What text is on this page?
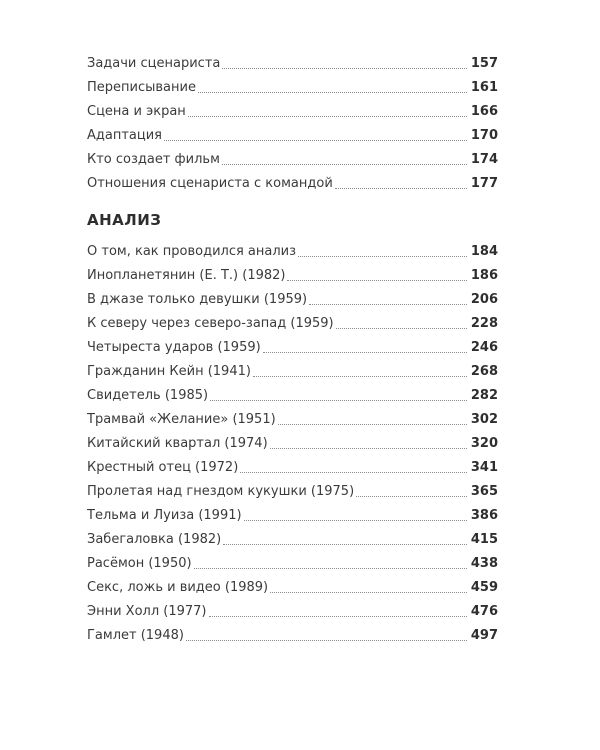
Задачи сценариста	157
Переписывание	161
Сцена и экран	166
Адаптация	170
Кто создает фильм	174
Отношения сценариста с командой	177
АНАЛИЗ
О том, как проводился анализ	184
Инопланетянин (Е. Т.) (1982)	186
В джазе только девушки (1959)	206
К северу через северо-запад (1959)	228
Четыреста ударов (1959)	246
Гражданин Кейн (1941)	268
Свидетель (1985)	282
Трамвай «Желание» (1951)	302
Китайский квартал (1974)	320
Крестный отец (1972)	341
Пролетая над гнездом кукушки (1975)	365
Тельма и Луиза (1991)	386
Забегаловка (1982)	415
Расёмон (1950)	438
Секс, ложь и видео (1989)	459
Энни Холл (1977)	476
Гамлет (1948)	497
